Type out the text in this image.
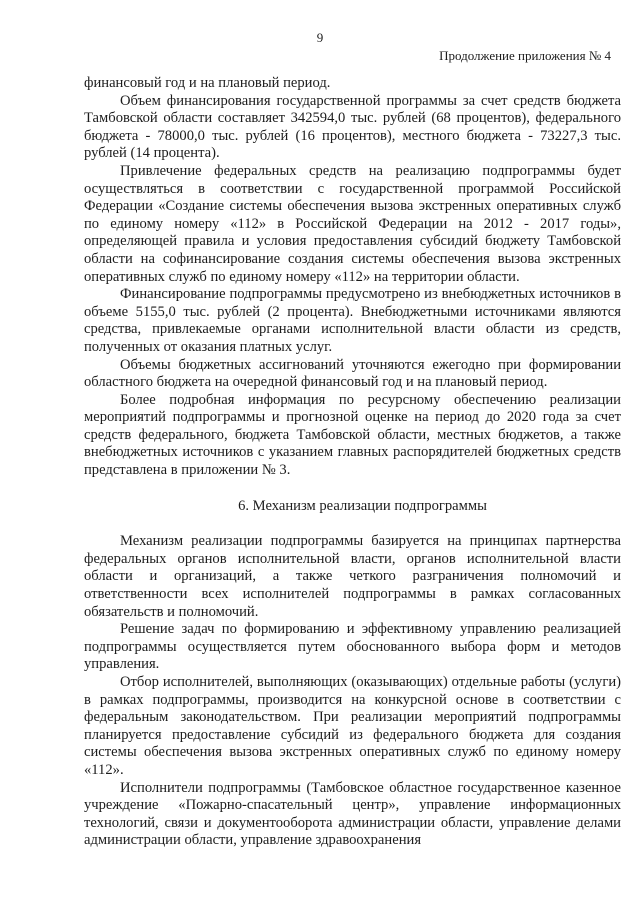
9
Продолжение приложения № 4

финансовый год и на плановый период.

Объем финансирования государственной программы за счет средств бюджета Тамбовской области составляет 342594,0 тыс. рублей (68 процентов), федерального бюджета - 78000,0 тыс. рублей (16 процентов), местного бюджета - 73227,3 тыс. рублей (14 процента).

Привлечение федеральных средств на реализацию подпрограммы будет осуществляться в соответствии с государственной программой Российской Федерации «Создание системы обеспечения вызова экстренных оперативных служб по единому номеру «112» в Российской Федерации на 2012 - 2017 годы», определяющей правила и условия предоставления субсидий бюджету Тамбовской области на софинансирование создания системы обеспечения вызова экстренных оперативных служб по единому номеру «112» на территории области.

Финансирование подпрограммы предусмотрено из внебюджетных источников в объеме 5155,0 тыс. рублей (2 процента). Внебюджетными источниками являются средства, привлекаемые органами исполнительной власти области из средств, полученных от оказания платных услуг.

Объемы бюджетных ассигнований уточняются ежегодно при формировании областного бюджета на очередной финансовый год и на плановый период.

Более подробная информация по ресурсному обеспечению реализации мероприятий подпрограммы и прогнозной оценке на период до 2020 года за счет средств федерального, бюджета Тамбовской области, местных бюджетов, а также внебюджетных источников с указанием главных распорядителей бюджетных средств представлена в приложении № 3.

6. Механизм реализации подпрограммы

Механизм реализации подпрограммы базируется на принципах партнерства федеральных органов исполнительной власти, органов исполнительной власти области и организаций, а также четкого разграничения полномочий и ответственности всех исполнителей подпрограммы в рамках согласованных обязательств и полномочий.

Решение задач по формированию и эффективному управлению реализацией подпрограммы осуществляется путем обоснованного выбора форм и методов управления.

Отбор исполнителей, выполняющих (оказывающих) отдельные работы (услуги) в рамках подпрограммы, производится на конкурсной основе в соответствии с федеральным законодательством. При реализации мероприятий подпрограммы планируется предоставление субсидий из федерального бюджета для создания системы обеспечения вызова экстренных оперативных служб по единому номеру «112».

Исполнители подпрограммы (Тамбовское областное государственное казенное учреждение «Пожарно-спасательный центр», управление информационных технологий, связи и документооборота администрации области, управление делами администрации области, управление здравоохранения
